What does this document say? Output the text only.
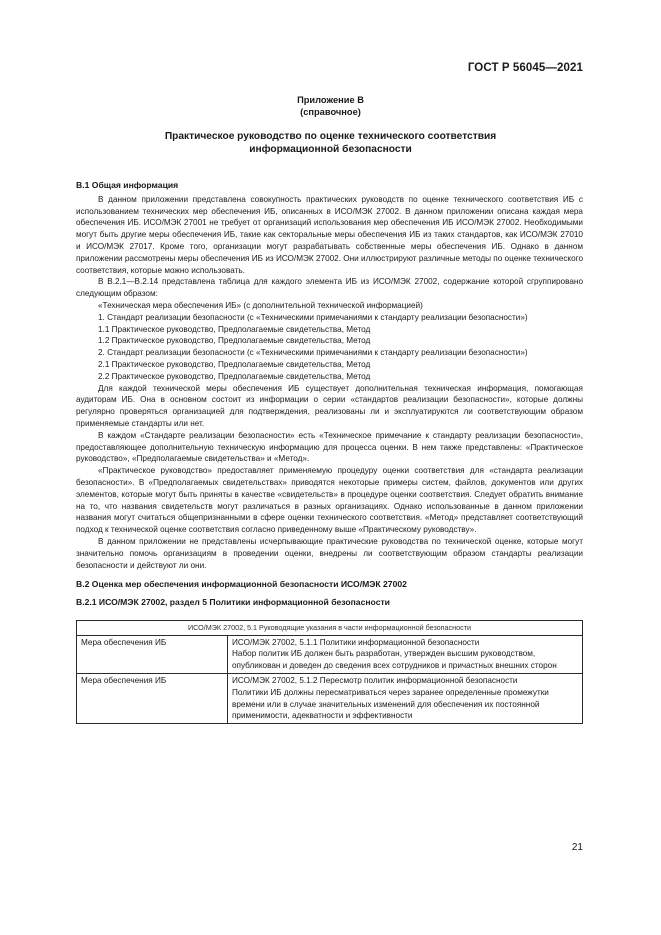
ГОСТ Р 56045—2021
Приложение В
(справочное)
Практическое руководство по оценке технического соответствия
информационной безопасности
В.1 Общая информация

В данном приложении представлена совокупность практических руководств по оценке технического соответствия ИБ с использованием технических мер обеспечения ИБ, описанных в ИСО/МЭК 27002. В данном приложении описана каждая мера обеспечения ИБ. ИСО/МЭК 27001 не требует от организаций использования мер обеспечения ИБ ИСО/МЭК 27002. Необходимыми могут быть другие меры обеспечения ИБ, такие как секторальные меры обеспечения ИБ из таких стандартов, как ИСО/МЭК 27010 и ИСО/МЭК 27017. Кроме того, организации могут разрабатывать собственные меры обеспечения ИБ. Однако в данном приложении рассмотрены меры обеспечения ИБ из ИСО/МЭК 27002. Они иллюстрируют различные методы по оценке технического соответствия, которые можно использовать.

В В.2.1—В.2.14 представлена таблица для каждого элемента ИБ из ИСО/МЭК 27002, содержание которой сгруппировано следующим образом:

«Техническая мера обеспечения ИБ» (с дополнительной технической информацией)

1. Стандарт реализации безопасности (с «Техническими примечаниями к стандарту реализации безопасности»)

1.1 Практическое руководство, Предполагаемые свидетельства, Метод

1.2 Практическое руководство, Предполагаемые свидетельства, Метод

2. Стандарт реализации безопасности (с «Техническими примечаниями к стандарту реализации безопасности»)

2.1 Практическое руководство, Предполагаемые свидетельства, Метод

2.2 Практическое руководство, Предполагаемые свидетельства, Метод

Для каждой технической меры обеспечения ИБ существует дополнительная техническая информация, помогающая аудиторам ИБ. Она в основном состоит из информации о серии «стандартов реализации безопасности», которые должны регулярно проверяться организацией для подтверждения, реализованы ли и эксплуатируются ли соответствующим образом применяемые стандарты или нет.

В каждом «Стандарте реализации безопасности» есть «Техническое примечание к стандарту реализации безопасности», предоставляющее дополнительную техническую информацию для процесса оценки. В нем также представлены: «Практическое руководство», «Предполагаемые свидетельства» и «Метод».

«Практическое руководство» предоставляет применяемую процедуру оценки соответствия для «стандарта реализации безопасности». В «Предполагаемых свидетельствах» приводятся некоторые примеры систем, файлов, документов или других элементов, которые могут быть приняты в качестве «свидетельств» в процедуре оценки соответствия. Следует обратить внимание на то, что названия свидетельств могут различаться в разных организациях. Однако использованные в данном приложении названия могут считаться общепризнанными в сфере оценки технического соответствия. «Метод» представляет соответствующий подход к технической оценке соответствия согласно приведенному выше «Практическому руководству».

В данном приложении не представлены исчерпывающие практические руководства по технической оценке, которые могут значительно помочь организациям в проведении оценки, внедрены ли соответствующим образом стандарты реализации безопасности и действуют ли они.

В.2 Оценка мер обеспечения информационной безопасности ИСО/МЭК 27002
В.2.1 ИСО/МЭК 27002, раздел 5 Политики информационной безопасности
ИСО/МЭК 27002, 5.1 Руководящие указания в части информационной безопасности	
Мера обеспечения ИБ	ИСО/МЭК 27002, 5.1.1 Политики информационной безопасности
Набор политик ИБ должен быть разработан, утвержден высшим руководством, опубликован и доведен до сведения всех сотрудников и причастных внешних сторон

Мера обеспечения ИБ	ИСО/МЭК 27002, 5.1.2 Пересмотр политик информационной безопасности
Политики ИБ должны пересматриваться через заранее определенные промежутки времени или в случае значительных изменений для обеспечения их постоянной применимости, адекватности и эффективности
21
